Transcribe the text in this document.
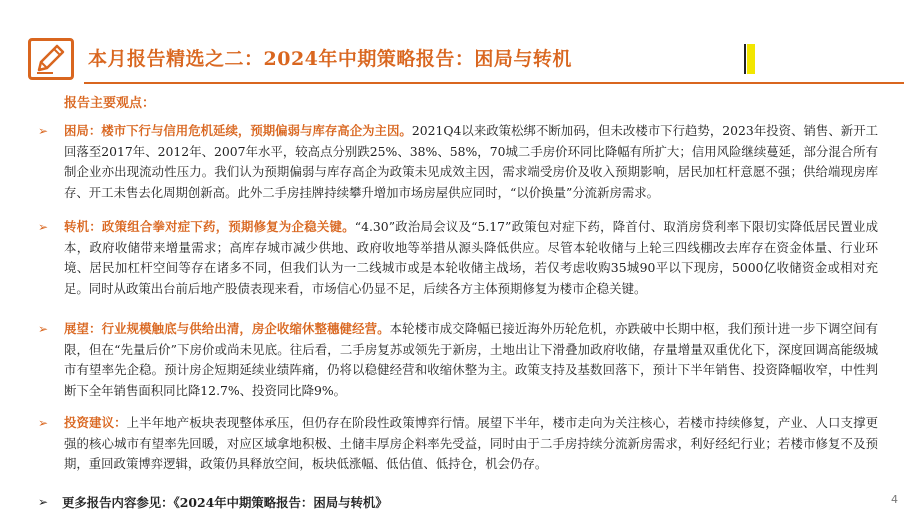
本月报告精选之二：2024年中期策略报告：困局与转机
报告主要观点：
➢ 困局：楼市下行与信用危机延续，预期偏弱与库存高企为主因。2021Q4以来政策松绑不断加码，但未改楼市下行趋势，2023年投资、销售、新开工回落至2017年、2012年、2007年水平，较高点分别跌25%、38%、58%，70城二手房价环同比降幅有所扩大；信用风险继续蔓延，部分混合所有制企业亦出现流动性压力。我们认为预期偏弱与库存高企为政策未见成效主因，需求端受房价及收入预期影响，居民加杠杆意愿不强；供给端现房库存、开工未售去化周期创新高。此外二手房挂牌持续攀升增加市场房屋供应同时，“以价换量”分流新房需求。
➢ 转机：政策组合拳对症下药，预期修复为企稳关键。“4.30”政治局会议及“5.17”政策包对症下药，降首付、取消房贷利率下限切实降低居民置业成本，政府收储带来增量需求；高库存城市减少供地、政府收地等举措从源头降低供应。尽管本轮收储与上轮三四线棚改去库存在资金体量、行业环境、居民加杠杆空间等存在诸多不同，但我们认为一二线城市或是本轮收储主战场，若仅考虑收购35城90平以下现房，5000亿收储资金或相对充足。同时从政策出台前后地产股债表现来看，市场信心仍显不足，后续各方主体预期修复为楼市企稳关键。
➢ 展望：行业规模触底与供给出清，房企收缩休整穗健经营。本轮楼市成交降幅已接近海外历轮危机，亦跌破中长期中枢，我们预计进一步下调空间有限，但在“先量后价”下房价或尚未见底。往后看，二手房复苏或领先于新房，土地出让下滑叠加政府收储，存量增量双重优化下，深度回调高能级城市有望率先企稳。预计房企短期延续业绩阵痛，仍将以稳健经营和收缩休整为主。政策支持及基数回落下，预计下半年销售、投资降幅收窄，中性判断下全年销售面积同比降12.7%、投资同比降9%。
➢ 投资建议：上半年地产板块表现整体承压，但仍存在阶段性政策博弈行情。展望下半年，楼市走向为关注核心，若楼市持续修复，产业、人口支撑更强的核心城市有望率先回暖，对应区域拿地积极、土储丰厚房企料率先受益，同时由于二手房持续分流新房需求，利好经纪行业；若楼市修复不及预期，重回政策博弈逻辑，政策仍具释放空间，板块低涨幅、低估值、低持仓，机会仍存。
➢ 更多报告内容参见：《2024年中期策略报告：困局与转机》	4
